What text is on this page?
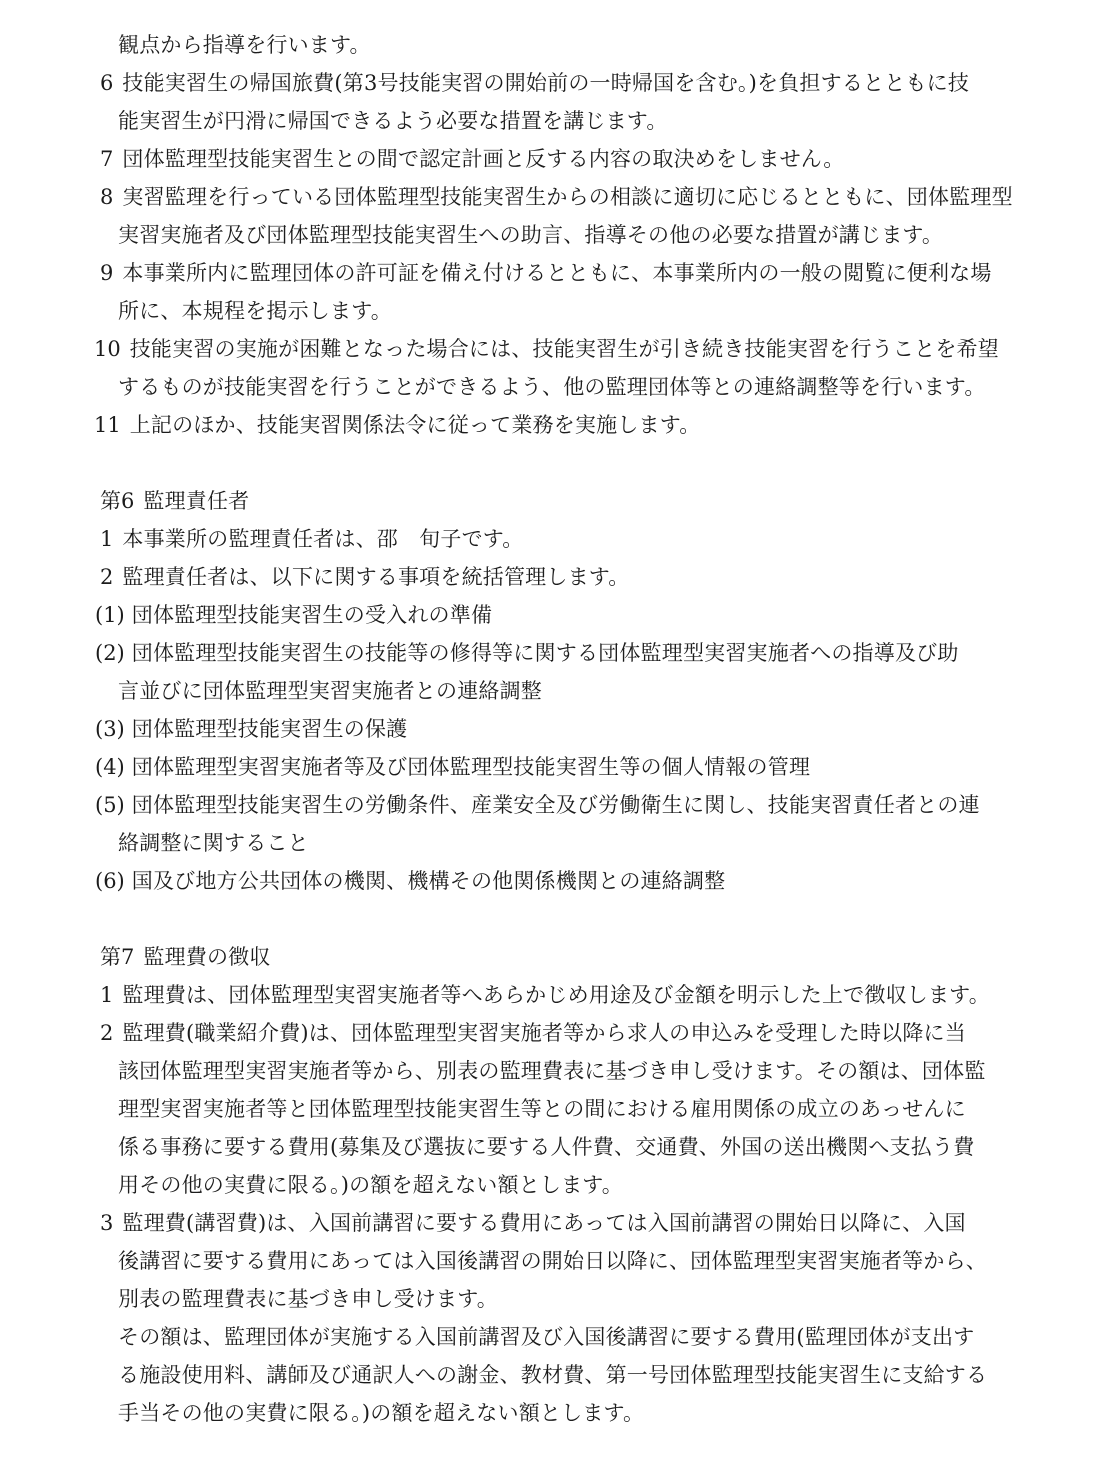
観点から指導を行います。
6 技能実習生の帰国旅費(第3号技能実習の開始前の一時帰国を含む。)を負担するとともに技
能実習生が円滑に帰国できるよう必要な措置を講じます。
7 団体監理型技能実習生との間で認定計画と反する内容の取決めをしません。
8 実習監理を行っている団体監理型技能実習生からの相談に適切に応じるとともに、団体監理型
実習実施者及び団体監理型技能実習生への助言、指導その他の必要な措置が講じます。
9 本事業所内に監理団体の許可証を備え付けるとともに、本事業所内の一般の閲覧に便利な場
所に、本規程を掲示します。
10 技能実習の実施が困難となった場合には、技能実習生が引き続き技能実習を行うことを希望
するものが技能実習を行うことができるよう、他の監理団体等との連絡調整等を行います。
11 上記のほか、技能実習関係法令に従って業務を実施します。
第6 監理責任者
1 本事業所の監理責任者は、邵　旬子です。
2 監理責任者は、以下に関する事項を統括管理します。
(1) 団体監理型技能実習生の受入れの準備
(2) 団体監理型技能実習生の技能等の修得等に関する団体監理型実習実施者への指導及び助
言並びに団体監理型実習実施者との連絡調整
(3) 団体監理型技能実習生の保護
(4) 団体監理型実習実施者等及び団体監理型技能実習生等の個人情報の管理
(5) 団体監理型技能実習生の労働条件、産業安全及び労働衛生に関し、技能実習責任者との連
絡調整に関すること
(6) 国及び地方公共団体の機関、機構その他関係機関との連絡調整
第7 監理費の徴収
1 監理費は、団体監理型実習実施者等へあらかじめ用途及び金額を明示した上で徴収します。
2 監理費(職業紹介費)は、団体監理型実習実施者等から求人の申込みを受理した時以降に当
該団体監理型実習実施者等から、別表の監理費表に基づき申し受けます。その額は、団体監
理型実習実施者等と団体監理型技能実習生等との間における雇用関係の成立のあっせんに
係る事務に要する費用(募集及び選抜に要する人件費、交通費、外国の送出機関へ支払う費
用その他の実費に限る。)の額を超えない額とします。
3 監理費(講習費)は、入国前講習に要する費用にあっては入国前講習の開始日以降に、入国
後講習に要する費用にあっては入国後講習の開始日以降に、団体監理型実習実施者等から、
別表の監理費表に基づき申し受けます。
その額は、監理団体が実施する入国前講習及び入国後講習に要する費用(監理団体が支出す
る施設使用料、講師及び通訳人への謝金、教材費、第一号団体監理型技能実習生に支給する
手当その他の実費に限る。)の額を超えない額とします。
